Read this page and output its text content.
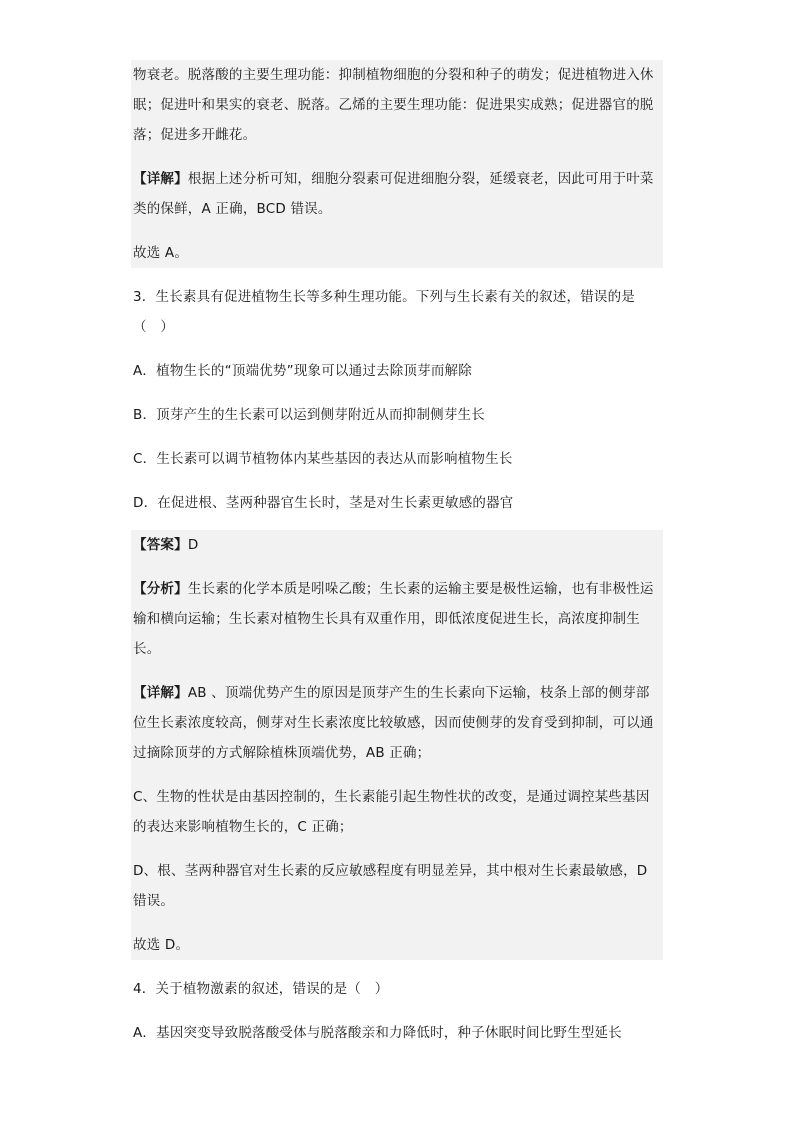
物衰老。脱落酸的主要生理功能：抑制植物细胞的分裂和种子的萌发；促进植物进入休眠；促进叶和果实的衰老、脱落。乙烯的主要生理功能：促进果实成熟；促进器官的脱落；促进多开雌花。

【详解】根据上述分析可知，细胞分裂素可促进细胞分裂，延缓衰老，因此可用于叶菜类的保鲜，A 正确，BCD 错误。

故选 A。

3．生长素具有促进植物生长等多种生理功能。下列与生长素有关的叙述，错误的是（　）

A．植物生长的“顶端优势”现象可以通过去除顶芽而解除

B．顶芽产生的生长素可以运到侧芽附近从而抑制侧芽生长

C．生长素可以调节植物体内某些基因的表达从而影响植物生长

D．在促进根、茎两种器官生长时，茎是对生长素更敏感的器官

【答案】D

【分析】生长素的化学本质是吲哚乙酸；生长素的运输主要是极性运输，也有非极性运输和横向运输；生长素对植物生长具有双重作用，即低浓度促进生长，高浓度抑制生长。

【详解】AB 、顶端优势产生的原因是顶芽产生的生长素向下运输，枝条上部的侧芽部位生长素浓度较高，侧芽对生长素浓度比较敏感，因而使侧芽的发育受到抑制，可以通过摘除顶芽的方式解除植株顶端优势，AB 正确；

C、生物的性状是由基因控制的，生长素能引起生物性状的改变，是通过调控某些基因的表达来影响植物生长的，C 正确；

D、根、茎两种器官对生长素的反应敏感程度有明显差异，其中根对生长素最敏感，D 错误。

故选 D。

4．关于植物激素的叙述，错误的是（　）

A．基因突变导致脱落酸受体与脱落酸亲和力降低时，种子休眠时间比野生型延长
